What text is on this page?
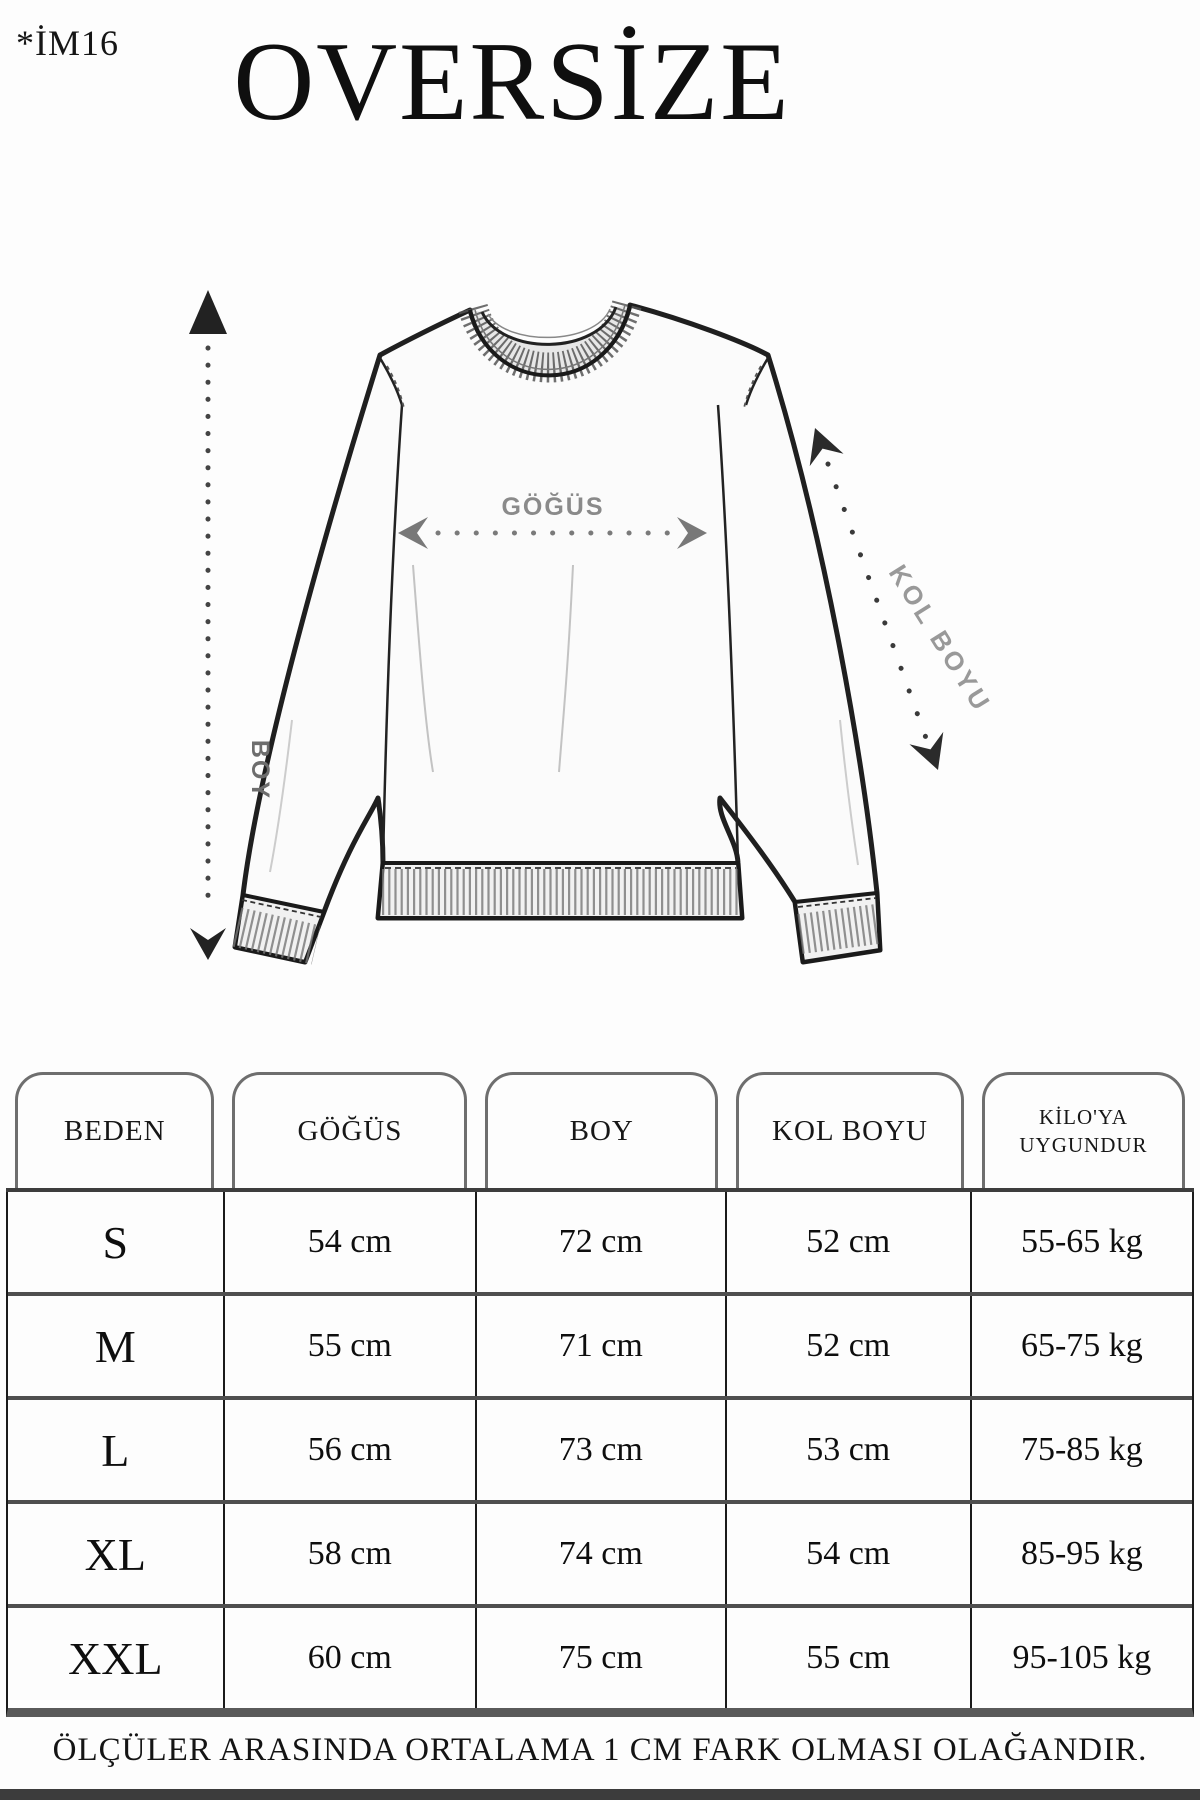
*İM16 OVERSİZE
BOY
GÖĞÜS
KOL BOYU
BEDEN	GÖĞÜS	BOY	KOL BOYU	KİLO'YA UYGUNDUR
S	54 cm	72 cm	52 cm	55-65 kg
M	55 cm	71 cm	52 cm	65-75 kg
L	56 cm	73 cm	53 cm	75-85 kg
XL	58 cm	74 cm	54 cm	85-95 kg
XXL	60 cm	75 cm	55 cm	95-105 kg
ÖLÇÜLER ARASINDA ORTALAMA 1 CM FARK OLMASI OLAĞANDIR.
